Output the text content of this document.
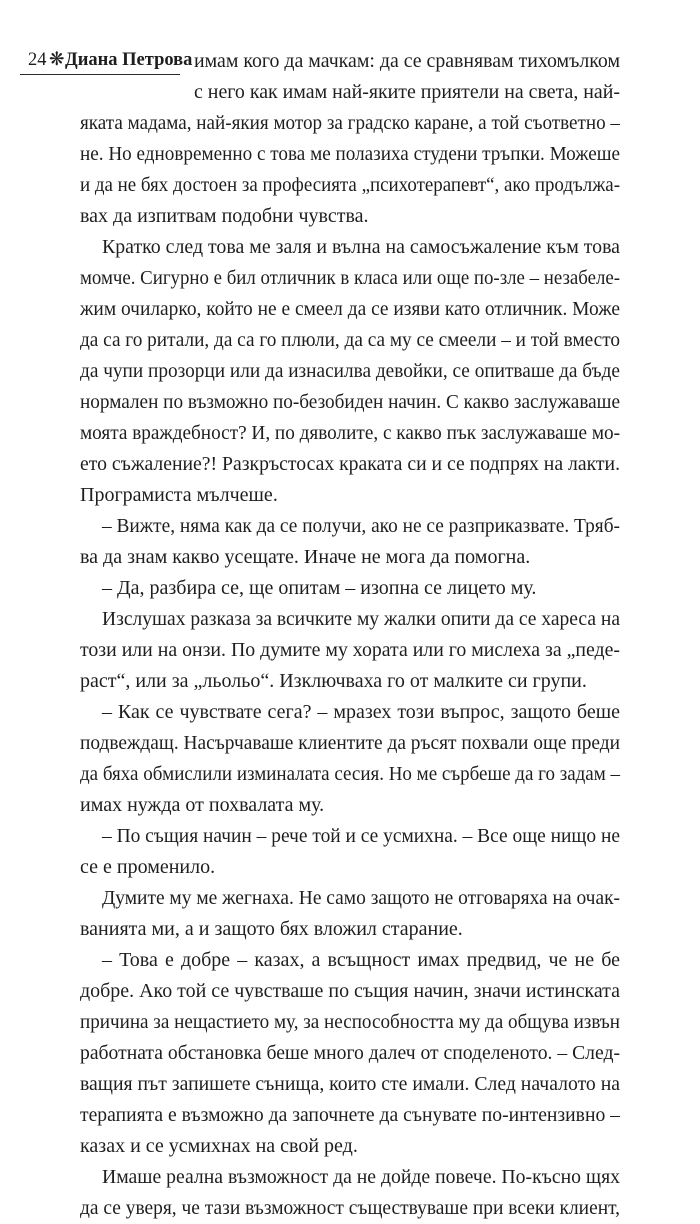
24 ❋ Диана Петрова имам кого да мачкам: да се сравнявам тихомълком
с него как имам най-яките приятели на света, най-
яката мадама, най-якия мотор за градско каране, а той съответно –
не. Но едновременно с това ме полазиха студени тръпки. Можеше
и да не бях достоен за професията „психотерапевт“, ако продължа-
вах да изпитвам подобни чувства.
Кратко след това ме заля и вълна на самосъжаление към това
момче. Сигурно е бил отличник в класа или още по-зле – незабеле-
жим очиларко, който не е смеел да се изяви като отличник. Може
да са го ритали, да са го плюли, да са му се смеели – и той вместо
да чупи прозорци или да изнасилва девойки, се опитваше да бъде
нормален по възможно по-безобиден начин. С какво заслужаваше
моята враждебност? И, по дяволите, с какво пък заслужаваше мо-
ето съжаление?! Разкръстосах краката си и се подпрях на лакти.
Програмиста мълчеше.
– Вижте, няма как да се получи, ако не се разприказвате. Тряб-
ва да знам какво усещате. Иначе не мога да помогна.
– Да, разбира се, ще опитам – изопна се лицето му.
Изслушах разказа за всичките му жалки опити да се хареса на
този или на онзи. По думите му хората или го мислеха за „педе-
раст“, или за „льольо“. Изключваха го от малките си групи.
– Как се чувствате сега? – мразех този въпрос, защото беше
подвеждащ. Насърчаваше клиентите да ръсят похвали още преди
да бяха обмислили изминалата сесия. Но ме сърбеше да го задам –
имах нужда от похвалата му.
– По същия начин – рече той и се усмихна. – Все още нищо не
се е променило.
Думите му ме жегнаха. Не само защото не отговаряха на очак-
ванията ми, а и защото бях вложил старание.
– Това е добре – казах, а всъщност имах предвид, че не бе
добре. Ако той се чувстваше по същия начин, значи истинската
причина за нещастието му, за неспособността му да общува извън
работната обстановка беше много далеч от споделеното. – След-
ващия път запишете сънища, които сте имали. След началото на
терапията е възможно да започнете да сънувате по-интензивно –
казах и се усмихнах на свой ред.
Имаше реална възможност да не дойде повече. По-късно щях
да се уверя, че тази възможност съществуваше при всеки клиент,
